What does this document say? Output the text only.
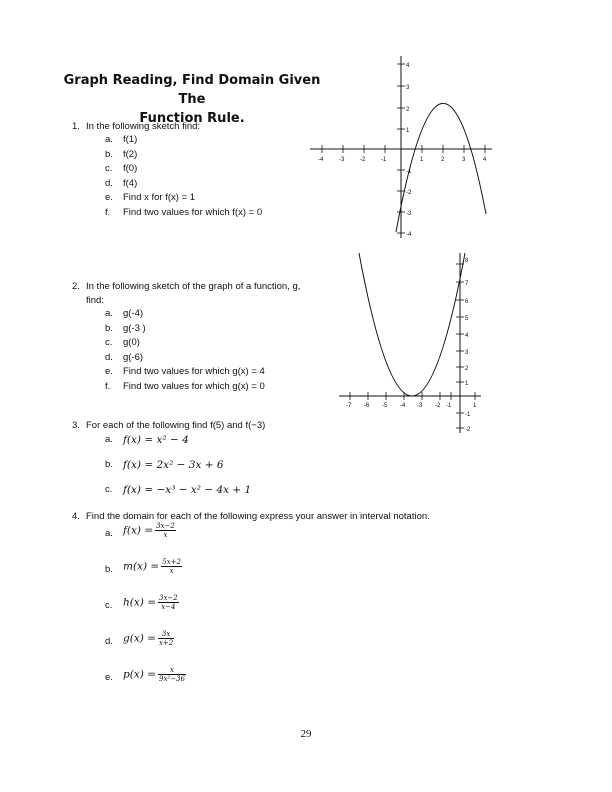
Graph Reading, Find Domain Given The
Function Rule.
1. In the following sketch find:
a.	f(1)
b.	f(2)
c.	f(0)
d.	f(4)
e.	Find x for f(x) = 1
f.	Find two values for which f(x) = 0
2. In the following sketch of the graph of a function, g,
find:
a.	g(-4)
b.	g(-3 )
c.	g(0)
d.	g(-6)
e.	Find two values for which g(x) = 4
f.	Find two values for which g(x) = 0
3. For each of the following find f(5) and f(−3)
a. f(x) = x² − 4
b. f(x) = 2x² − 3x + 6
c.	f(x) = −x³ − x² − 4x + 1
4. Find the domain for each of the following express your answer in interval notation.
a. $f(x) = \frac{3x-2}{x}$
b. $m(x) = \frac{5x+2}{x}$
c.	$h(x) = \frac{3x-2}{x-4}$
d. $g(x) = \frac{3x}{x+2}$
e. $p(x) = \frac{x}{\text{9x²−36}}$
-4	-3	-2	-1	1	2	3	4
4
3
2
1
-1
-2
-3
-4
-7 -6 -5 -4 -3 -2 -1	1
8
7
6
5
4
3
2
1
-1
-2
29
